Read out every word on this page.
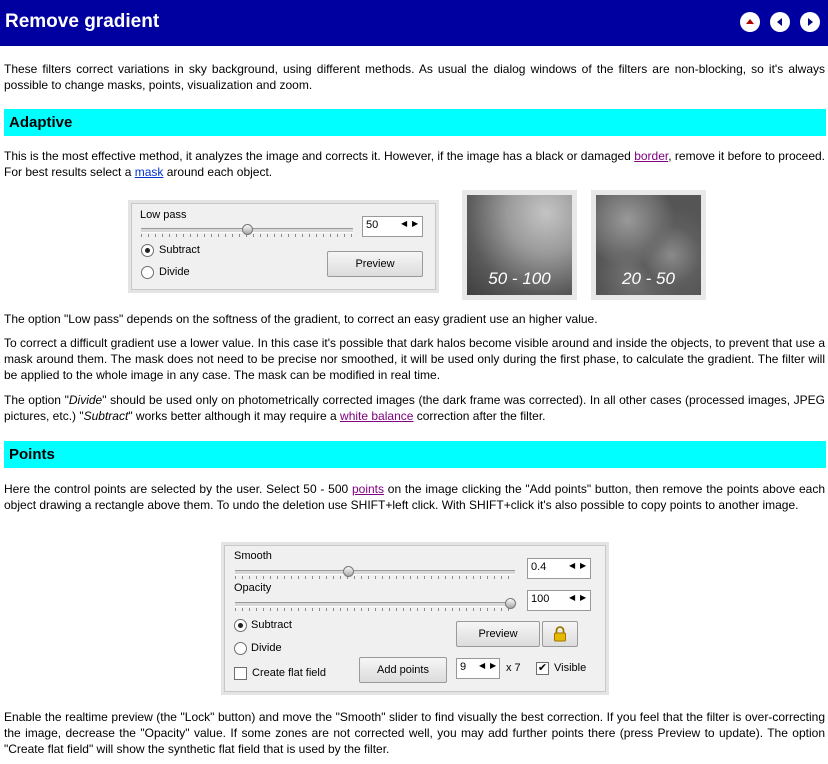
Remove gradient

These filters correct variations in sky background, using different methods. As usual the dialog windows of the filters are non-blocking, so it's always possible to change masks, points, visualization and zoom.

Adaptive

This is the most effective method, it analyzes the image and corrects it. However, if the image has a black or damaged border, remove it before to proceed. For best results select a mask around each object.

Low pass
50	◀ ▶
Subtract
Divide
Preview
50 - 100	20 - 50

The option "Low pass" depends on the softness of the gradient, to correct an easy gradient use an higher value.

To correct a difficult gradient use a lower value. In this case it's possible that dark halos become visible around and inside the objects, to prevent that use a mask around them. The mask does not need to be precise nor smoothed, it will be used only during the first phase, to calculate the gradient. The filter will be applied to the whole image in any case. The mask can be modified in real time.

The option "Divide" should be used only on photometrically corrected images (the dark frame was corrected). In all other cases (processed images, JPEG pictures, etc.) "Subtract" works better although it may require a white balance correction after the filter.

Points

Here the control points are selected by the user. Select 50 - 500 points on the image clicking the "Add points" button, then remove the points above each object drawing a rectangle above them. To undo the deletion use SHIFT+left click. With SHIFT+click it's also possible to copy points to another image.

Smooth
0.4	◀ ▶
Opacity
100 ◀ ▶
Subtract
Divide
Preview
Create flat field	Add points	9 ◀ ▶ x 7 ✔ Visible

Enable the realtime preview (the "Lock" button) and move the "Smooth" slider to find visually the best correction. If you feel that the filter is over-correcting the image, decrease the "Opacity" value. If some zones are not corrected well, you may add further points there (press Preview to update). The option "Create flat field" will show the synthetic flat field that is used by the filter.
